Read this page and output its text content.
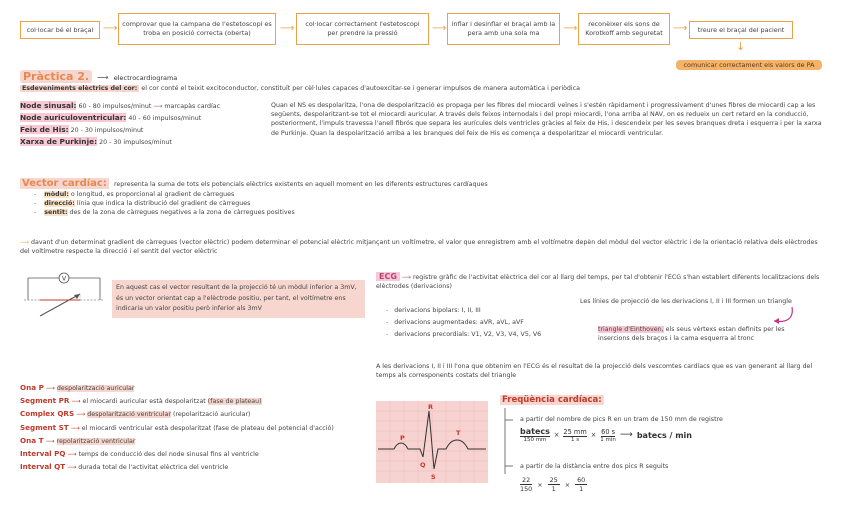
col·locar bé el braçal ⟶ comprovar que la campana de l'estetoscopi es troba en posició correcta (oberta)	⟶	col·locar correctament l'estetoscopi per prendre la pressió	⟶ inflar i desinflar el braçal amb la pera amb una sola ma	⟶	reconèixer els sons de Korotkoff amb seguretat	⟶	treure el braçal del pacient
↓
comunicar correctament els valors de PA
Pràctica 2. ⟶ electrocardiograma
Esdeveniments elèctrics del cor: el cor conté el teixit excitoconductor, constituït per cèl·lules capaces d'autoexcitar-se i generar impulsos de manera automàtica i periòdica
Node sinusal: 60 - 80 impulsos/minut ⟶ marcapàs cardíac
Node auriculoventricular: 40 - 60 impulsos/minut
Feix de His: 20 - 30 impulsos/minut
Xarxa de Purkinje: 20 - 30 impulsos/minut
Quan el NS es despolaritza, l'ona de despolarització es propaga per les fibres del miocardi veïnes i s'estén ràpidament i progressivament d'unes fibres de miocardi cap a les següents, despolaritzant-se tot el miocardi auricular. A través dels feixos internodals i del propi miocardi, l'ona arriba al NAV, on es redueix un cert retard en la conducció, posteriorment, l'impuls travessa l'anell fibrós que separa les aurícules dels ventricles gràcies al feix de His, i descendeix per les seves branques dreta i esquerra i per la xarxa de Purkinje. Quan la despolarització arriba a les branques del feix de His es comença a despolaritzar el miocardi ventricular.
Vector cardíac: representa la suma de tots els potencials elèctrics existents en aquell moment en les diferents estructures cardíaques
-    mòdul: o longitud, es proporcional al gradient de càrregues
-    direcció: línia que indica la distribució del gradient de càrregues
-    sentit: des de la zona de càrregues negatives a la zona de càrregues positives
⟶ davant d'un determinat gradient de càrregues (vector elèctric) podem determinar el potencial elèctric mitjançant un voltímetre, el valor que enregistrem amb el voltímetre depèn del mòdul del vector elèctric i de la orientació relativa dels elèctrodes del voltímetre respecte la direcció i el sentit del vector elèctric
V
En aquest cas el vector resultant de la projecció té un mòdul inferior a 3mV, és un vector orientat cap a l'elèctrode positiu, per tant, el voltímetre ens indicaria un valor positiu però inferior als 3mV
ECG ⟶ registre gràfic de l'activitat elèctrica del cor al llarg del temps, per tal d'obtenir l'ECG s'han establert diferents localitzacions dels elèctrodes (derivacions)
-   derivacions bipolars: I, II, III
-   derivacions augmentades: aVR, aVL, aVF
-   derivacions precordials: V1, V2, V3, V4, V5, V6
Les línies de projecció de les derivacions I, II i III formen un triangle
triangle d'Einthoven, els seus vèrtexs estan definits per les insercions dels braços i la cama esquerra al tronc
A les derivacions I, II i III l'ona que obtenim en l'ECG és el resultat de la projecció dels vescomtes cardíacs que es van generant al llarg del temps als corresponents costats del triangle
Ona P ⟶ despolarització auricular
Segment PR ⟶ el miocardi auricular està despolaritzat (fase de plateau)
Complex QRS ⟶ despolarització ventricular (repolarització auricular)
Segment ST ⟶ el miocardi ventricular està despolaritzat (fase de plateau del potencial d'acció)
Ona T ⟶ repolarització ventricular
Interval PQ ⟶ temps de conducció des del node sinusal fins al ventricle
Interval QT ⟶ durada total de l'activitat elèctrica del ventricle
P
R
Q
S
T
Freqüència cardíaca:
a partir del nombre de pics R en un tram de 150 mm de registre
batecs
150 mm
× 25 mm
1 s
× 60 s
1 min ⟶ batecs / min
a partir de la distància entre dos pics R seguits
$\frac{22}{150} \times \frac{25}{1} \times \frac{60}{1}$
